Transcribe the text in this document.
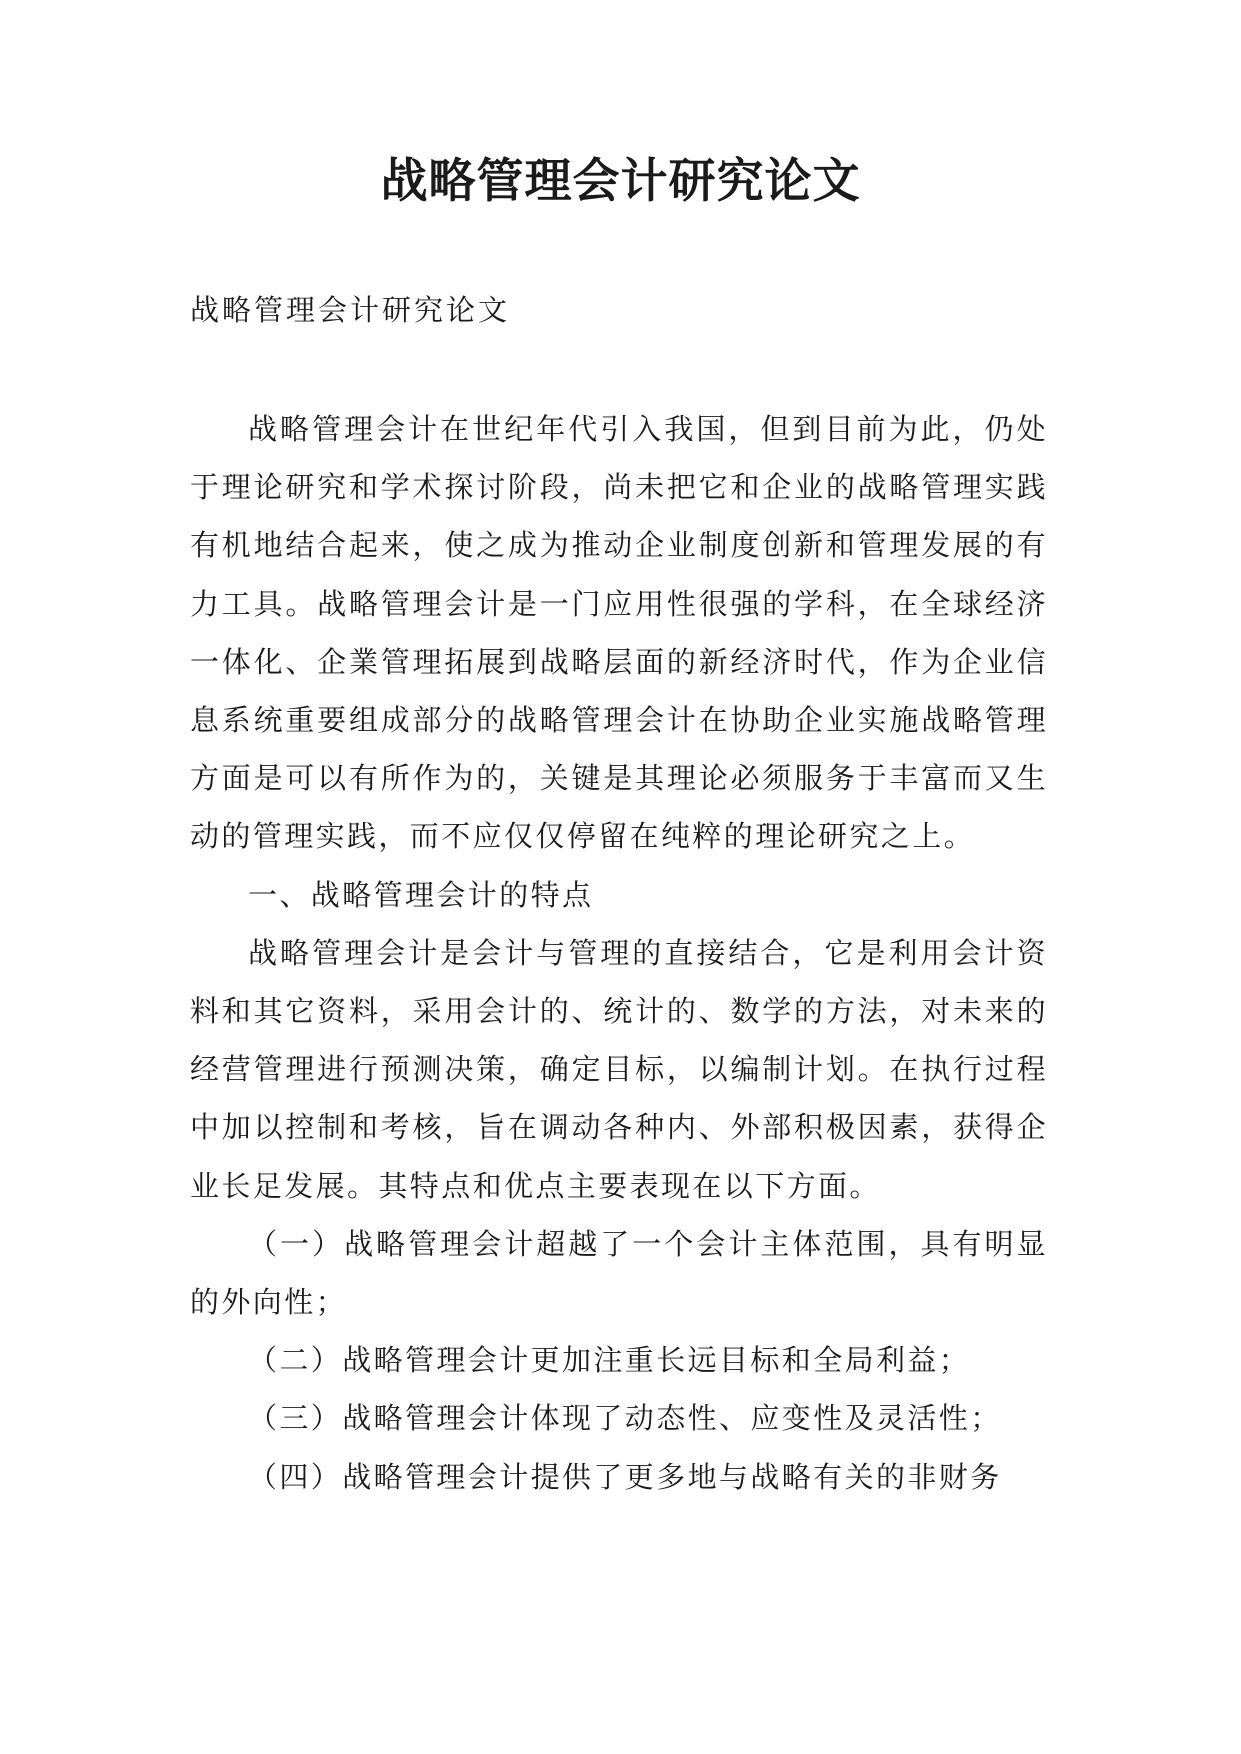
战略管理会计研究论文
战略管理会计研究论文

战略管理会计在世纪年代引入我国，但到目前为此，仍处于理论研究和学术探讨阶段，尚未把它和企业的战略管理实践有机地结合起来，使之成为推动企业制度创新和管理发展的有力工具。战略管理会计是一门应用性很强的学科，在全球经济一体化、企業管理拓展到战略层面的新经济时代，作为企业信息系统重要组成部分的战略管理会计在协助企业实施战略管理方面是可以有所作为的，关键是其理论必须服务于丰富而又生动的管理实践，而不应仅仅停留在纯粹的理论研究之上。

一、战略管理会计的特点

战略管理会计是会计与管理的直接结合，它是利用会计资料和其它资料，采用会计的、统计的、数学的方法，对未来的经营管理进行预测决策，确定目标，以编制计划。在执行过程中加以控制和考核，旨在调动各种内、外部积极因素，获得企业长足发展。其特点和优点主要表现在以下方面。

（一）战略管理会计超越了一个会计主体范围，具有明显的外向性；

（二）战略管理会计更加注重长远目标和全局利益；

（三）战略管理会计体现了动态性、应变性及灵活性；

（四）战略管理会计提供了更多地与战略有关的非财务
